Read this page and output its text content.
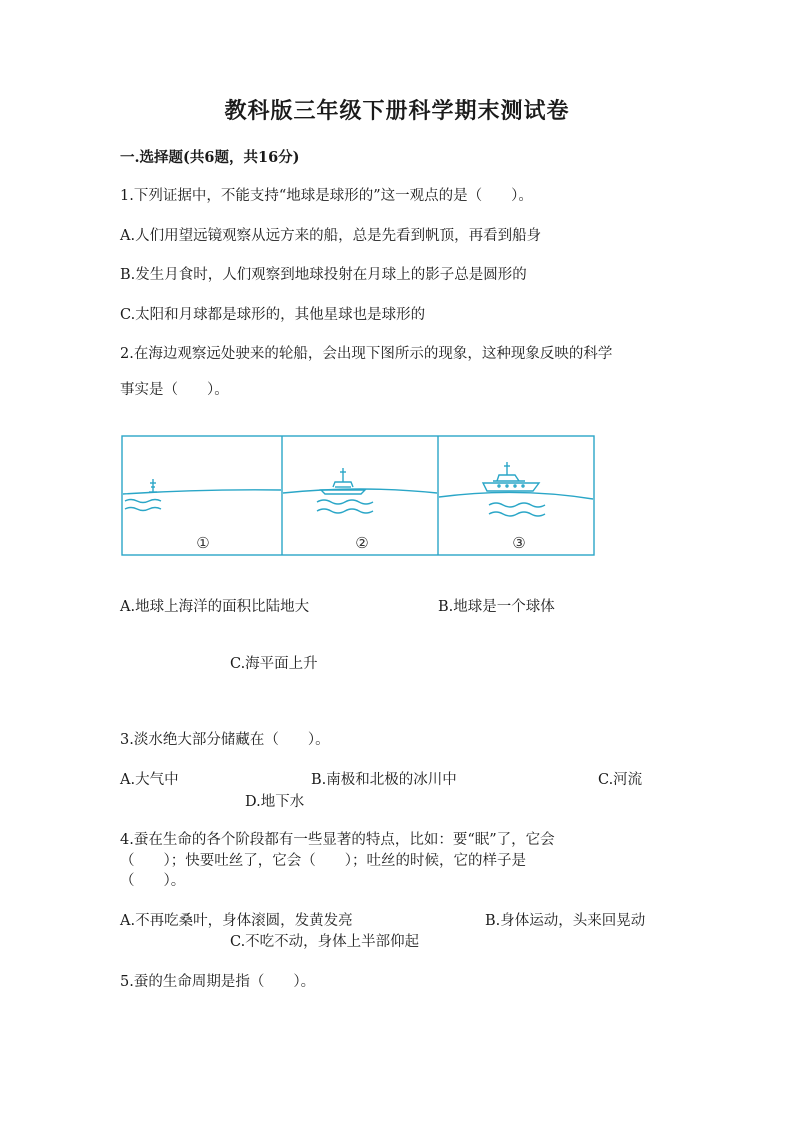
教科版三年级下册科学期末测试卷
一.选择题(共6题，共16分)
1.下列证据中，不能支持“地球是球形的”这一观点的是（　　）。
A.人们用望远镜观察从远方来的船，总是先看到帆顶，再看到船身
B.发生月食时，人们观察到地球投射在月球上的影子总是圆形的
C.太阳和月球都是球形的，其他星球也是球形的
2.在海边观察远处驶来的轮船，会出现下图所示的现象，这种现象反映的科学
事实是（　　）。
①	②	③
A.地球上海洋的面积比陆地大	B.地球是一个球体
C.海平面上升
3.淡水绝大部分储藏在（　　）。
A.大气中	B.南极和北极的冰川中	C.河流
D.地下水
4.蚕在生命的各个阶段都有一些显著的特点，比如：要“眠”了，它会
（　　）；快要吐丝了，它会（　　）；吐丝的时候，它的样子是
（　　）。
A.不再吃桑叶，身体滚圆，发黄发亮	B.身体运动，头来回晃动
C.不吃不动，身体上半部仰起
5.蚕的生命周期是指（　　）。
